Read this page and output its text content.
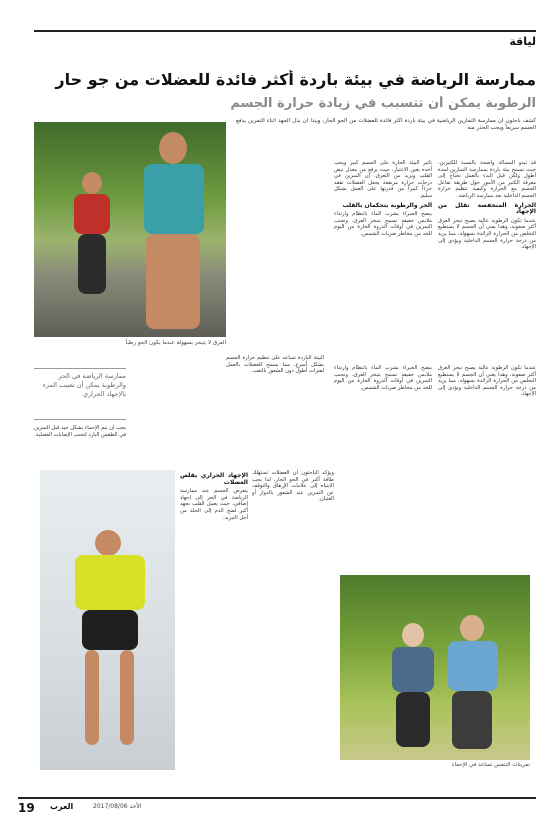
لياقة
ممارسة الرياضة في بيئة باردة أكثر فائدة للعضلات من جو حار
الرطوبة يمكن أن تتسبب في زيادة حرارة الجسم

كشف باحثون أن ممارسة التمارين الرياضية في بيئة باردة أكثر فائدة للعضلات من الجو الحار، ويبدأ أن بذل الجهد أثناء التمرين يدفع الجسم سريعاً ويجب الحذر منه

العرق لا يتبخر بسهولة عندما يكون الجو رطباً
قد تبدو المسألة واضحة بالنسبة للكثيرين، حيث تسمح بيئة باردة بممارسة التمارين لمدة أطول ولكن قبل البدء بالعمل تحتاج إلى معرفة الكثير من الأمور حول طريقة تفاعل الجسم مع الحرارة وكيفية تنظيم حرارة الجسم الداخلية بعد ممارسة الرياضة.
الحرارة المنخفضة تقلل من الإجهاد
عندما تكون الرطوبة عالية يصبح تبخر العرق أكثر صعوبة، وهذا يعني أن الجسم لا يستطيع التخلص من الحرارة الزائدة بسهولة، مما يزيد من درجة حرارة الجسم الداخلية ويؤدي إلى الإجهاد.
تأثير البيئة الحارة على الجسم كبير ويجب أخذه بعين الاعتبار، حيث يرفع من معدل نبض القلب ويزيد من التعرق. إن التمرين في درجات حرارة مرتفعة يجعل العضلات تفقد جزءاً كبيراً من قدرتها على العمل بشكل سليم.
الحر والرطوبة يتحكمان بالقلب
ينصح الخبراء بشرب الماء بانتظام وارتداء ملابس خفيفة تسمح بتبخر العرق، وتجنب التمرين في أوقات الذروة الحارة من اليوم للحد من مخاطر ضربات الشمس.
البيئة الباردة تساعد على تنظيم حرارة الجسم بشكل أسرع، مما يسمح للعضلات بالعمل لفترات أطول دون الشعور بالتعب.
ممارسة الرياضة في الحر والرطوبة يمكن أن تصيب المرء بالإجهاد الحراري
يجب أن يتم الإحماء بشكل جيد قبل التمرين في الطقس البارد لتجنب الإصابات العضلية.
الإجهاد الحراري يقلص العضلات
يتعرض الجسم عند ممارسة الرياضة في الحر إلى إجهاد إضافي، حيث يعمل القلب بجهد أكبر لضخ الدم إلى الجلد من أجل التبريد.
ويؤكد الباحثون أن العضلات تستهلك طاقة أكبر في الجو الحار، لذا يجب الانتباه إلى علامات الإرهاق والتوقف عن التمرين عند الشعور بالدوار أو الغثيان.
عندما تكون الرطوبة عالية يصبح تبخر العرق أكثر صعوبة، وهذا يعني أن الجسم لا يستطيع التخلص من الحرارة الزائدة بسهولة، مما يزيد من درجة حرارة الجسم الداخلية ويؤدي إلى الإجهاد.
ينصح الخبراء بشرب الماء بانتظام وارتداء ملابس خفيفة تسمح بتبخر العرق، وتجنب التمرين في أوقات الذروة الحارة من اليوم للحد من مخاطر ضربات الشمس.
تمرينات التنفس تساعد في الإحماء
19 العرب	الأحد 2017/08/06
